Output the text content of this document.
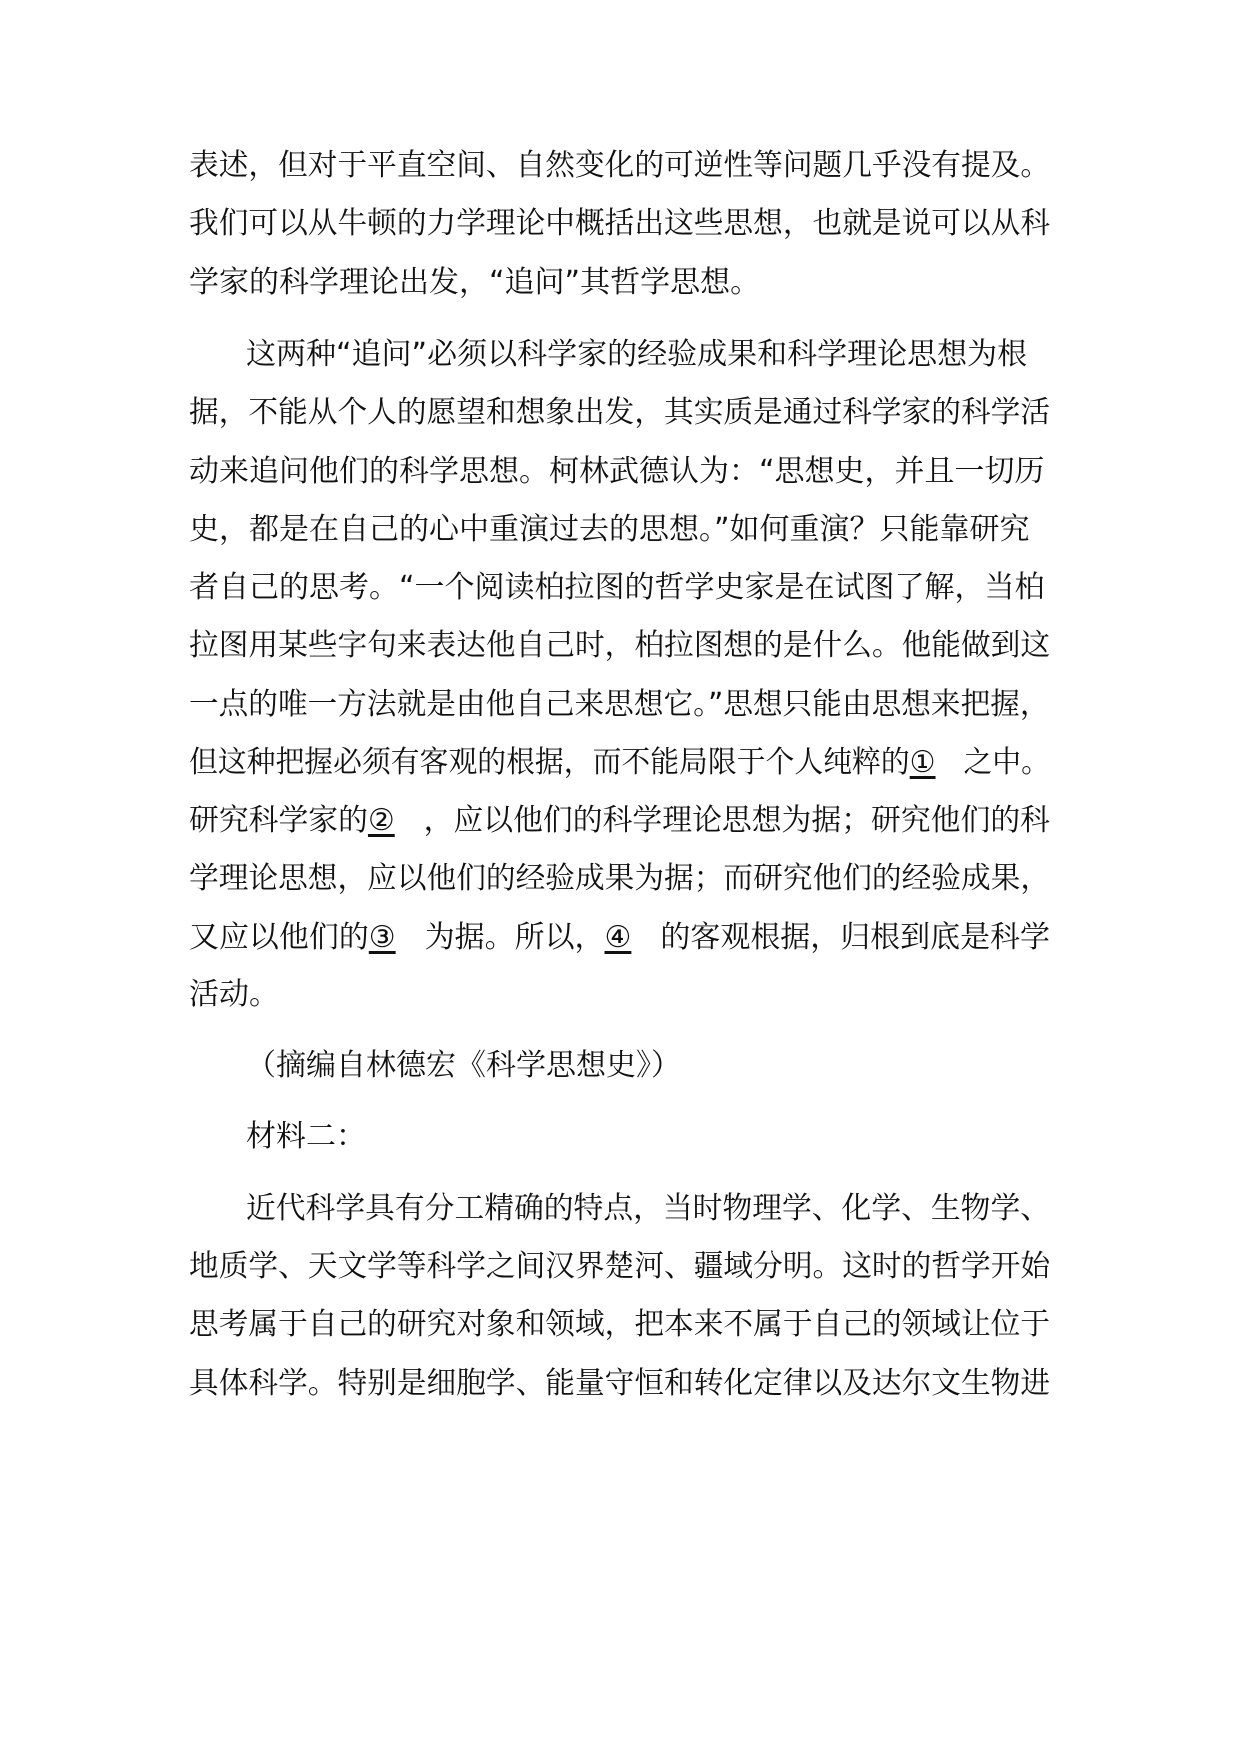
表述，但对于平直空间、自然变化的可逆性等问题几乎没有提及。
我们可以从牛顿的力学理论中概括出这些思想，也就是说可以从科
学家的科学理论出发，“追问”其哲学思想。
这两种“追问”必须以科学家的经验成果和科学理论思想为根
据，不能从个人的愿望和想象出发，其实质是通过科学家的科学活
动来追问他们的科学思想。柯林武德认为：“思想史，并且一切历
史，都是在自己的心中重演过去的思想。”如何重演？只能靠研究
者自己的思考。“一个阅读柏拉图的哲学史家是在试图了解，当柏
拉图用某些字句来表达他自己时，柏拉图想的是什么。他能做到这
一点的唯一方法就是由他自己来思想它。”思想只能由思想来把握，
但这种把握必须有客观的根据，而不能局限于个人纯粹的① 之中。
研究科学家的② ，应以他们的科学理论思想为据；研究他们的科
学理论思想，应以他们的经验成果为据；而研究他们的经验成果，
又应以他们的③ 为据。所以，④ 的客观根据，归根到底是科学
活动。
（摘编自林德宏《科学思想史》）
材料二：
近代科学具有分工精确的特点，当时物理学、化学、生物学、
地质学、天文学等科学之间汉界楚河、疆域分明。这时的哲学开始
思考属于自己的研究对象和领域，把本来不属于自己的领域让位于
具体科学。特别是细胞学、能量守恒和转化定律以及达尔文生物进
